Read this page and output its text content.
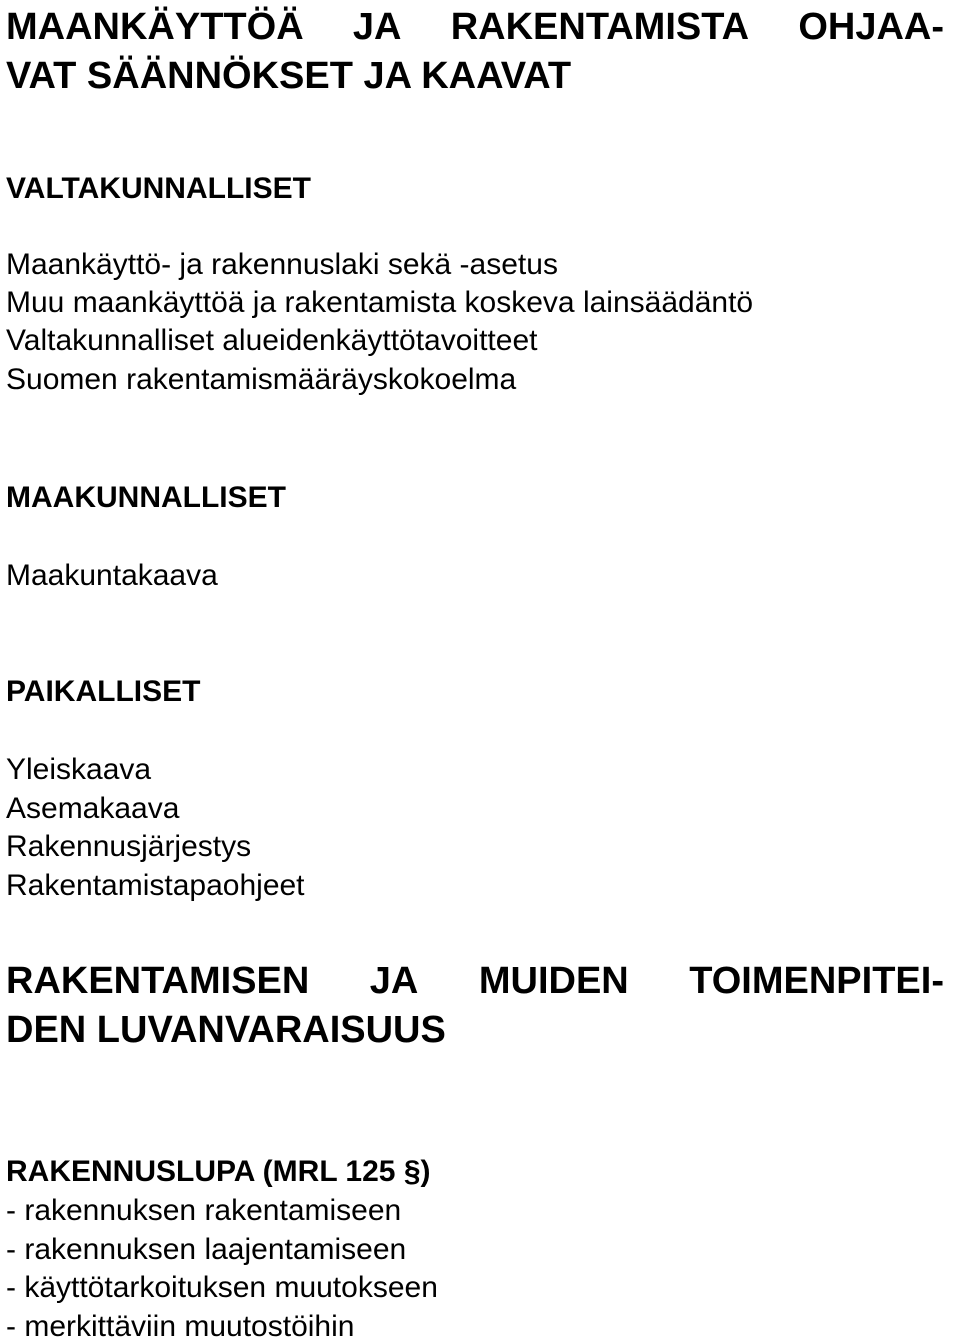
MAANKÄYTTÖÄ JA RAKENTAMISTA OHJAA-
VAT SÄÄNNÖKSET JA KAAVAT
VALTAKUNNALLISET
Maankäyttö- ja rakennuslaki sekä -asetus
Muu maankäyttöä ja rakentamista koskeva lainsäädäntö
Valtakunnalliset alueidenkäyttötavoitteet
Suomen rakentamismääräyskokoelma
MAAKUNNALLISET
Maakuntakaava
PAIKALLISET
Yleiskaava
Asemakaava
Rakennusjärjestys
Rakentamistapaohjeet
RAKENTAMISEN JA MUIDEN TOIMENPITEI-
DEN LUVANVARAISUUS
RAKENNUSLUPA (MRL 125 §)
- rakennuksen rakentamiseen
- rakennuksen laajentamiseen
- käyttötarkoituksen muutokseen
- merkittäviin muutostöihin
